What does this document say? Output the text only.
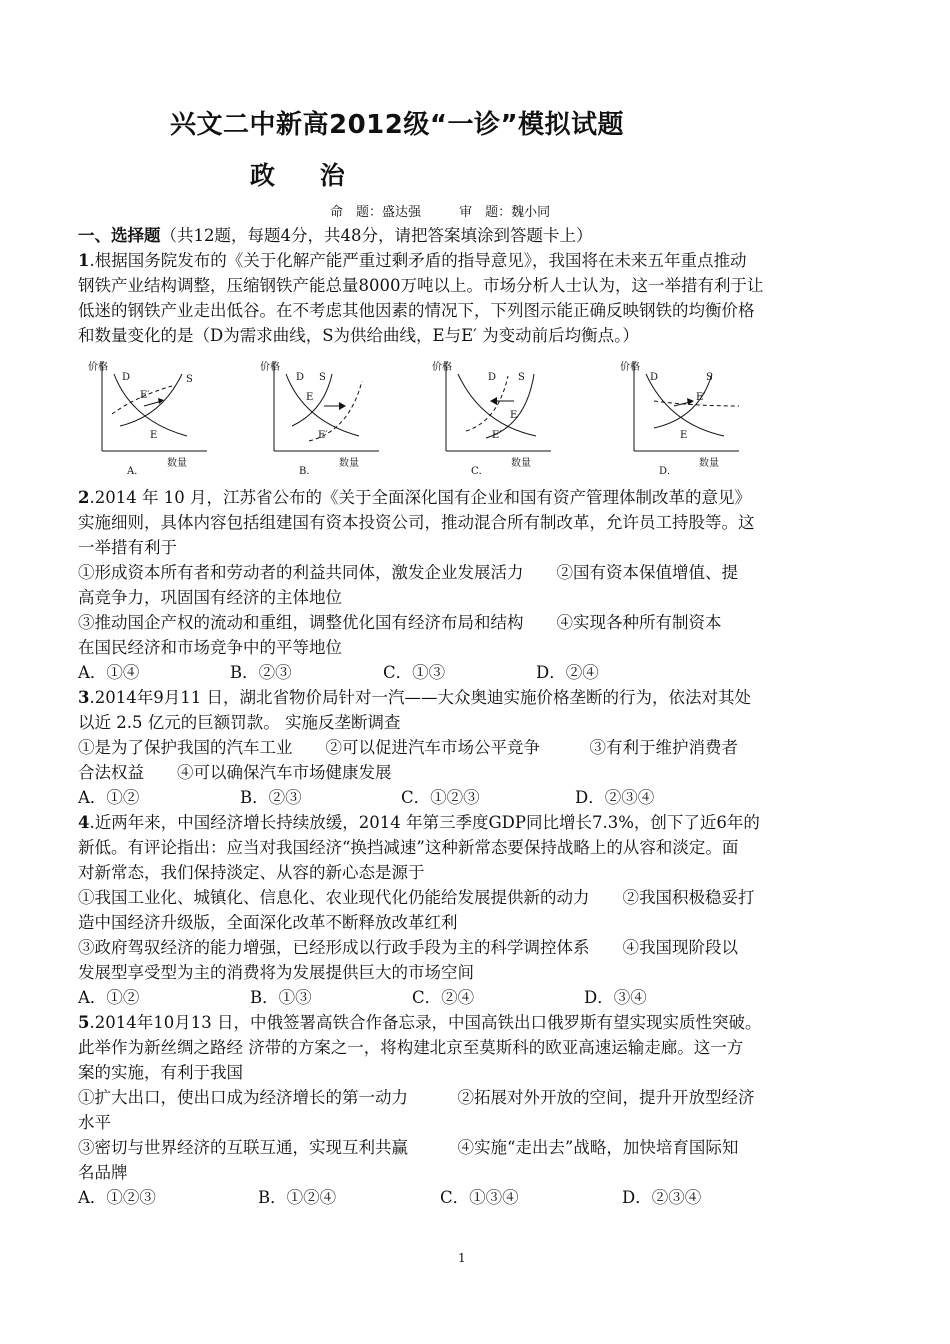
兴文二中新高2012级“一诊”模拟试题
政 治
命　题：盛达强	审　题：魏小同
一、选择题（共12题，每题4分，共48分，请把答案填涂到答题卡上）
1.根据国务院发布的《关于化解产能严重过剩矛盾的指导意见》，我国将在未来五年重点推动
钢铁产业结构调整，压缩钢铁产能总量8000万吨以上。市场分析人士认为，这一举措有利于让
低迷的钢铁产业走出低谷。在不考虑其他因素的情况下，下列图示能正确反映钢铁的均衡价格
和数量变化的是（D为需求曲线，S为供给曲线，E与E′ 为变动前后均衡点。）
价格
数量
A．
D	S
E′
E
价格
数量
B．
D S
E
E′
价格
数量
C．
D S
E
E′
价格
数量
D．
D	S
E′
E
2.2014 年 10 月，江苏省公布的《关于全面深化国有企业和国有资产管理体制改革的意见》
实施细则，具体内容包括组建国有资本投资公司，推动混合所有制改革，允许员工持股等。这
一举措有利于
①形成资本所有者和劳动者的利益共同体，激发企业发展活力　　②国有资本保值增值、提
高竞争力，巩固国有经济的主体地位
③推动国企产权的流动和重组，调整优化国有经济布局和结构　　④实现各种所有制资本
在国民经济和市场竞争中的平等地位
A．①④	B．②③	C．①③	D．②④
3.2014年9月11 日，湖北省物价局针对一汽——大众奥迪实施价格垄断的行为，依法对其处
以近 2.5 亿元的巨额罚款。 实施反垄断调查
①是为了保护我国的汽车工业　　②可以促进汽车市场公平竞争　　　③有利于维护消费者
合法权益　　④可以确保汽车市场健康发展
A．①②	B．②③	C．①②③	D．②③④
4.近两年来，中国经济增长持续放缓，2014 年第三季度GDP同比增长7.3%，创下了近6年的
新低。有评论指出：应当对我国经济“换挡减速”这种新常态要保持战略上的从容和淡定。面
对新常态，我们保持淡定、从容的新心态是源于
①我国工业化、城镇化、信息化、农业现代化仍能给发展提供新的动力　　②我国积极稳妥打
造中国经济升级版，全面深化改革不断释放改革红利
③政府驾驭经济的能力增强，已经形成以行政手段为主的科学调控体系　　④我国现阶段以
发展型享受型为主的消费将为发展提供巨大的市场空间
A．①②	B．①③	C．②④	D．③④
5.2014年10月13 日，中俄签署高铁合作备忘录，中国高铁出口俄罗斯有望实现实质性突破。
此举作为新丝绸之路经 济带的方案之一，将构建北京至莫斯科的欧亚高速运输走廊。这一方
案的实施，有利于我国
①扩大出口，使出口成为经济增长的第一动力　　　②拓展对外开放的空间，提升开放型经济
水平
③密切与世界经济的互联互通，实现互利共赢　　　④实施“走出去”战略，加快培育国际知
名品牌
A．①②③	B．①②④	C．①③④	D．②③④
1
